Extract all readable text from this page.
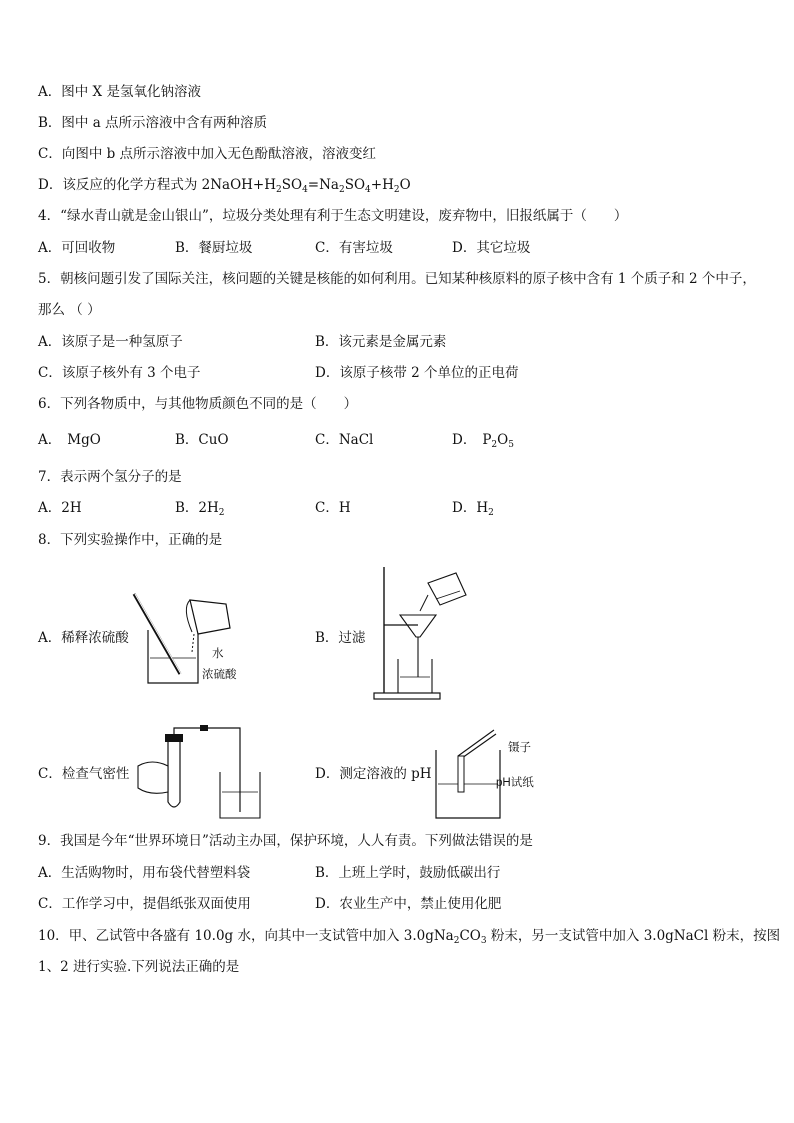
A．图中 X 是氢氧化钠溶液
B．图中 a 点所示溶液中含有两种溶质
C．向图中 b 点所示溶液中加入无色酚酞溶液，溶液变红
D．该反应的化学方程式为 $2NaOH+H_2SO_4=Na_2SO_4+H_2O$
4．“绿水青山就是金山银山”，垃圾分类处理有利于生态文明建设，废弃物中，旧报纸属于（　　）
A．可回收物	B．餐厨垃圾	C．有害垃圾	D．其它垃圾
5．朝核问题引发了国际关注，核问题的关键是核能的如何利用。已知某种核原料的原子核中含有 1 个质子和 2 个中子，
那么 （ ）
A．该原子是一种氢原子	B．该元素是金属元素
C．该原子核外有 3 个电子	D．该原子核带 2 个单位的正电荷
6．下列各物质中，与其他物质颜色不同的是（　　）
A． MgO	B．CuO	C．NaCl	D． $P_2O_5$
7．表示两个氢分子的是
A．2H	B．$2H_2$	C．H	D．$H_2$
8．下列实验操作中，正确的是
A．稀释浓硫酸
水
浓硫酸
B．过滤
C．检查气密性	D．测定溶液的 pH
镊子
pH试纸
9．我国是今年“世界环境日”活动主办国，保护环境，人人有责。下列做法错误的是
A．生活购物时，用布袋代替塑料袋	B．上班上学时，鼓励低碳出行
C．工作学习中，提倡纸张双面使用	D．农业生产中，禁止使用化肥
10．甲、乙试管中各盛有 10.0g 水，向其中一支试管中加入 $3.0gNa_2CO_3$ 粉末，另一支试管中加入 3.0gNaCl 粉末，按图
1、2 进行实验.下列说法正确的是
